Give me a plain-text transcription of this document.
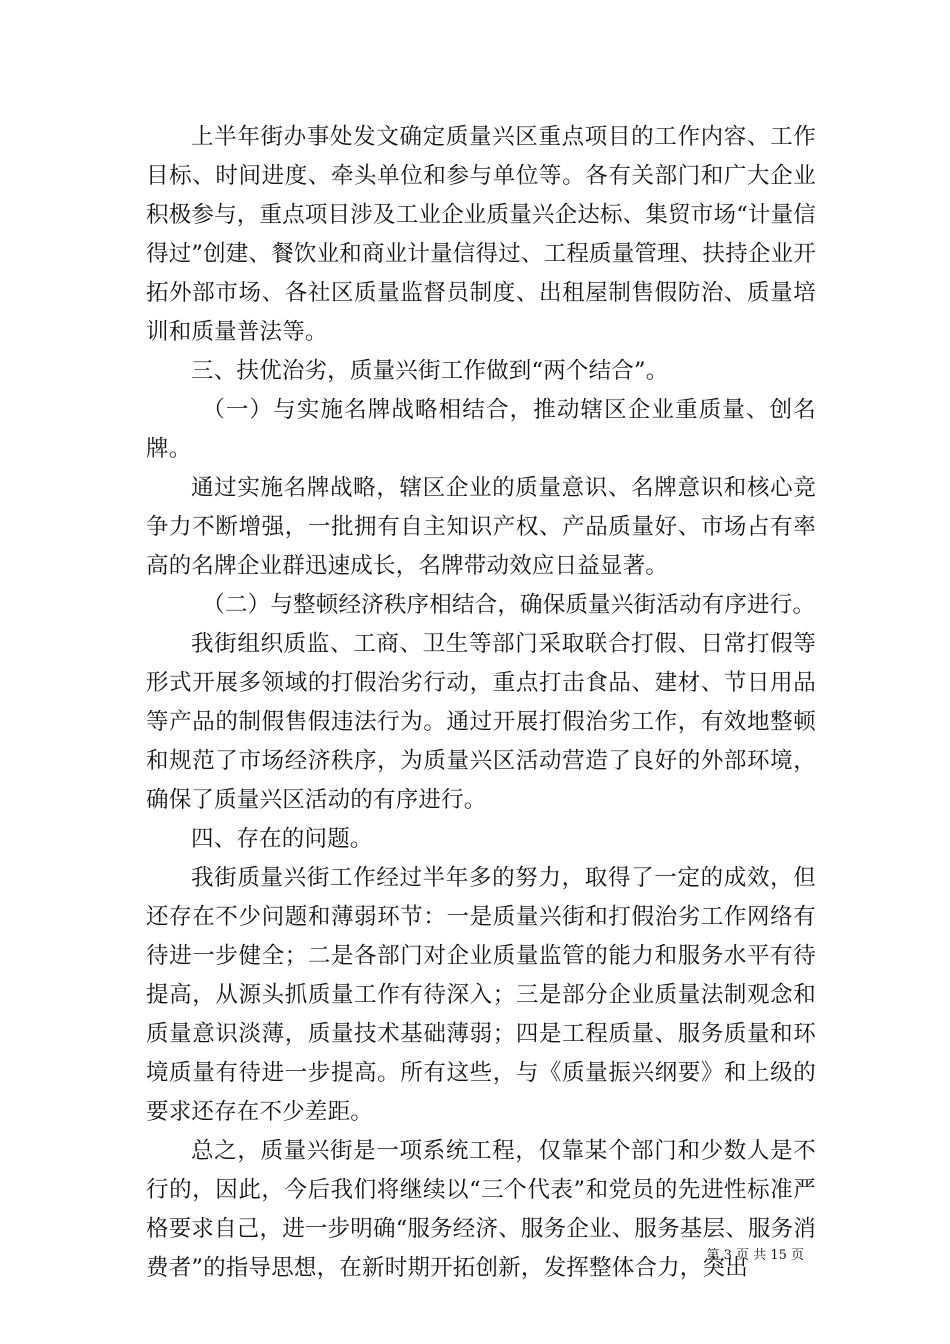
上半年街办事处发文确定质量兴区重点项目的工作内容、工作目标、时间进度、牵头单位和参与单位等。各有关部门和广大企业积极参与，重点项目涉及工业企业质量兴企达标、集贸市场“计量信得过”创建、餐饮业和商业计量信得过、工程质量管理、扶持企业开拓外部市场、各社区质量监督员制度、出租屋制售假防治、质量培训和质量普法等。

三、扶优治劣，质量兴街工作做到“两个结合”。

（一）与实施名牌战略相结合，推动辖区企业重质量、创名牌。

通过实施名牌战略，辖区企业的质量意识、名牌意识和核心竞争力不断增强，一批拥有自主知识产权、产品质量好、市场占有率高的名牌企业群迅速成长，名牌带动效应日益显著。

（二）与整顿经济秩序相结合，确保质量兴街活动有序进行。

我街组织质监、工商、卫生等部门采取联合打假、日常打假等形式开展多领域的打假治劣行动，重点打击食品、建材、节日用品等产品的制假售假违法行为。通过开展打假治劣工作，有效地整顿和规范了市场经济秩序，为质量兴区活动营造了良好的外部环境，确保了质量兴区活动的有序进行。

四、存在的问题。

我街质量兴街工作经过半年多的努力，取得了一定的成效，但还存在不少问题和薄弱环节：一是质量兴街和打假治劣工作网络有待进一步健全；二是各部门对企业质量监管的能力和服务水平有待提高，从源头抓质量工作有待深入；三是部分企业质量法制观念和质量意识淡薄，质量技术基础薄弱；四是工程质量、服务质量和环境质量有待进一步提高。所有这些，与《质量振兴纲要》和上级的要求还存在不少差距。

总之，质量兴街是一项系统工程，仅靠某个部门和少数人是不行的，因此，今后我们将继续以“三个代表”和党员的先进性标准严格要求自己，进一步明确“服务经济、服务企业、服务基层、服务消费者”的指导思想，在新时期开拓创新，发挥整体合力，突出

第 3 页 共 15 页
